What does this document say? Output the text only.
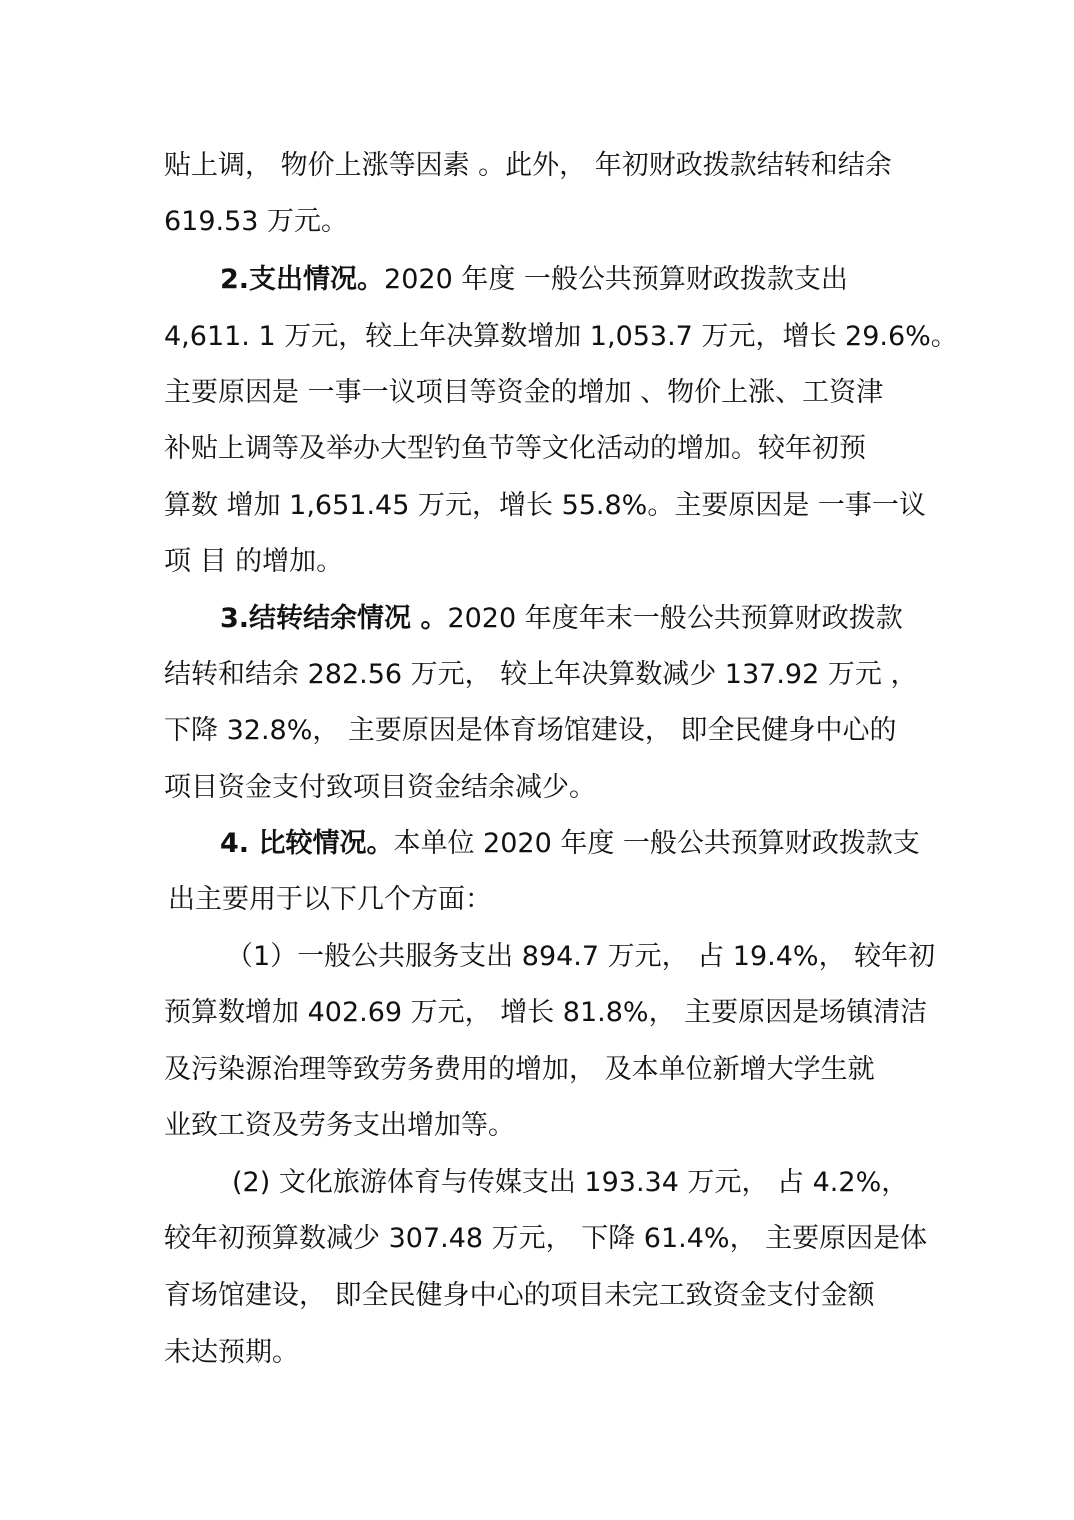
贴上调， 物价上涨等因素 。此外， 年初财政拨款结转和结余
619.53 万元。
2.支出情况。2020 年度 一般公共预算财政拨款支出
4,611. 1 万元，较上年决算数增加 1,053.7 万元，增长 29.6%。
主要原因是 一事一议项目等资金的增加 、物价上涨、工资津
补贴上调等及举办大型钓鱼节等文化活动的增加。较年初预
算数 增加 1,651.45 万元，增长 55.8%。主要原因是 一事一议
项 目 的增加。
3.结转结余情况 。2020 年度年末一般公共预算财政拨款
结转和结余 282.56 万元， 较上年决算数减少 137.92 万元 ，
下降 32.8%， 主要原因是体育场馆建设， 即全民健身中心的
项目资金支付致项目资金结余减少。
4. 比较情况。本单位 2020 年度 一般公共预算财政拨款支
出主要用于以下几个方面：
（1）一般公共服务支出 894.7 万元， 占 19.4%， 较年初
预算数增加 402.69 万元， 增长 81.8%， 主要原因是场镇清洁
及污染源治理等致劳务费用的增加， 及本单位新增大学生就
业致工资及劳务支出增加等。
(2) 文化旅游体育与传媒支出 193.34 万元， 占 4.2%，
较年初预算数减少 307.48 万元， 下降 61.4%， 主要原因是体
育场馆建设， 即全民健身中心的项目未完工致资金支付金额
未达预期。
